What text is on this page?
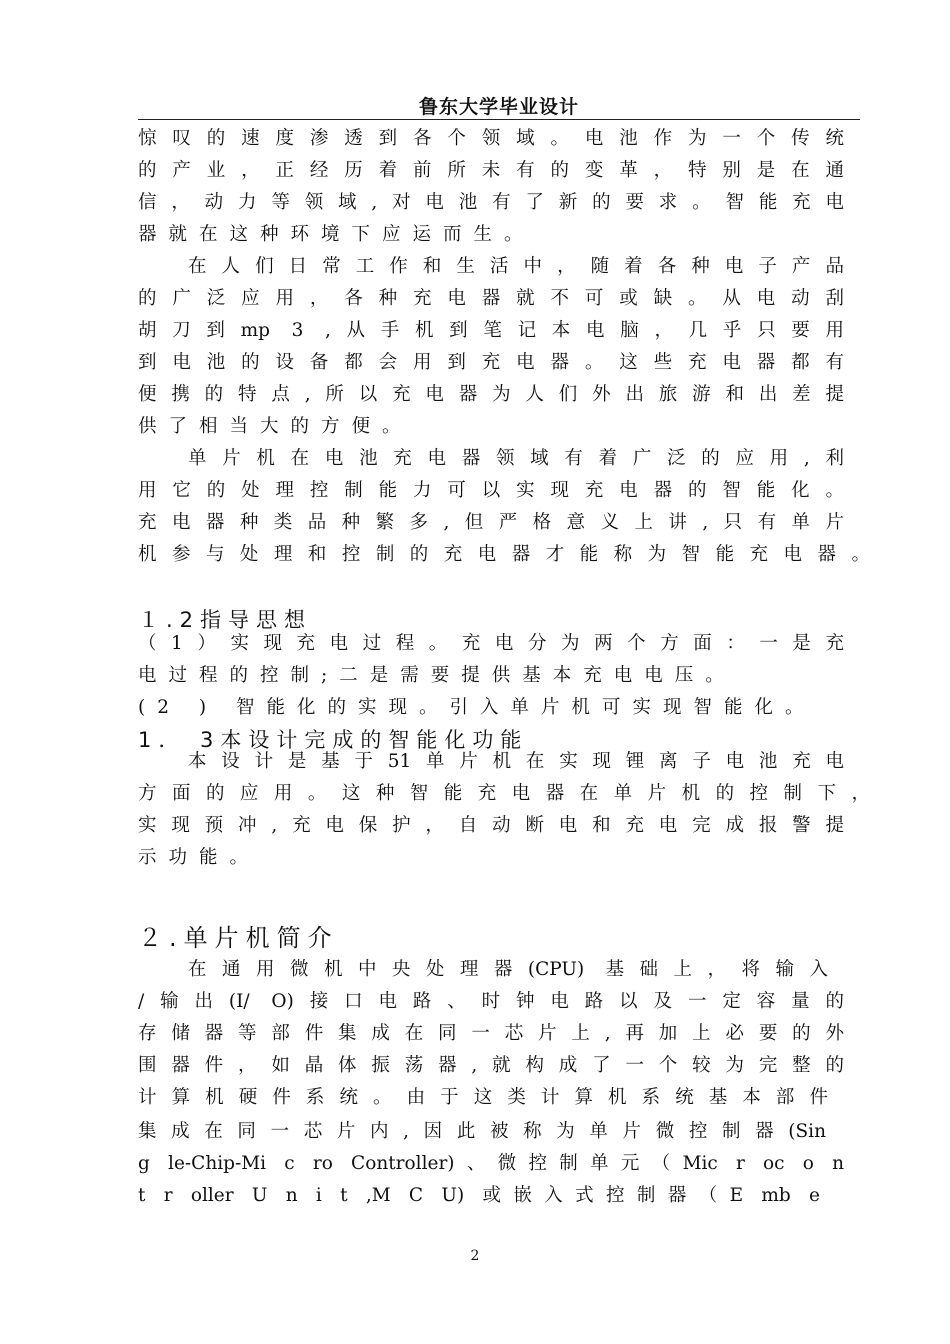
鲁东大学毕业设计
惊叹的速度渗透到各个领域。电池作为一个传统
的产业，正经历着前所未有的变革，特别是在通
信，动力等领域,对电池有了新的要求。智能充电
器就在这种环境下应运而生。
在人们日常工作和生活中，随着各种电子产品
的广泛应用，各种充电器就不可或缺。从电动刮
胡刀到mp 3 ,从手机到笔记本电脑，几乎只要用
到电池的设备都会用到充电器。这些充电器都有
便携的特点,所以充电器为人们外出旅游和出差提
供了相当大的方便。
单片机在电池充电器领域有着广泛的应用,利
用它的处理控制能力可以实现充电器的智能化。
充电器种类品种繁多,但严格意义上讲,只有单片
机参与处理和控制的充电器才能称为智能充电器。
１.2指导思想
（1）实现充电过程。充电分为两个方面：一是充
电过程的控制;二是需要提供基本充电电压。
(2 ) 智能化的实现。引入单片机可实现智能化。
1． 3本设计完成的智能化功能
本设计是基于51单片机在实现锂离子电池充电
方面的应用。这种智能充电器在单片机的控制下，
实现预冲,充电保护，自动断电和充电完成报警提
示功能。
２.单片机简介
在通用微机中央处理器(CPU) 基础上，将输入
/输出(I/ O)接口电路、时钟电路以及一定容量的
存储器等部件集成在同一芯片上,再加上必要的外
围器件，如晶体振荡器,就构成了一个较为完整的
计算机硬件系统。由于这类计算机系统基本部件
集成在同一芯片内,因此被称为单片微控制器(Sin
g le-Chip-Mi c ro Controller)、微控制单元（Mic r oc o n
t r oller U n i t ,M C U) 或嵌入式控制器（E mb e
2
